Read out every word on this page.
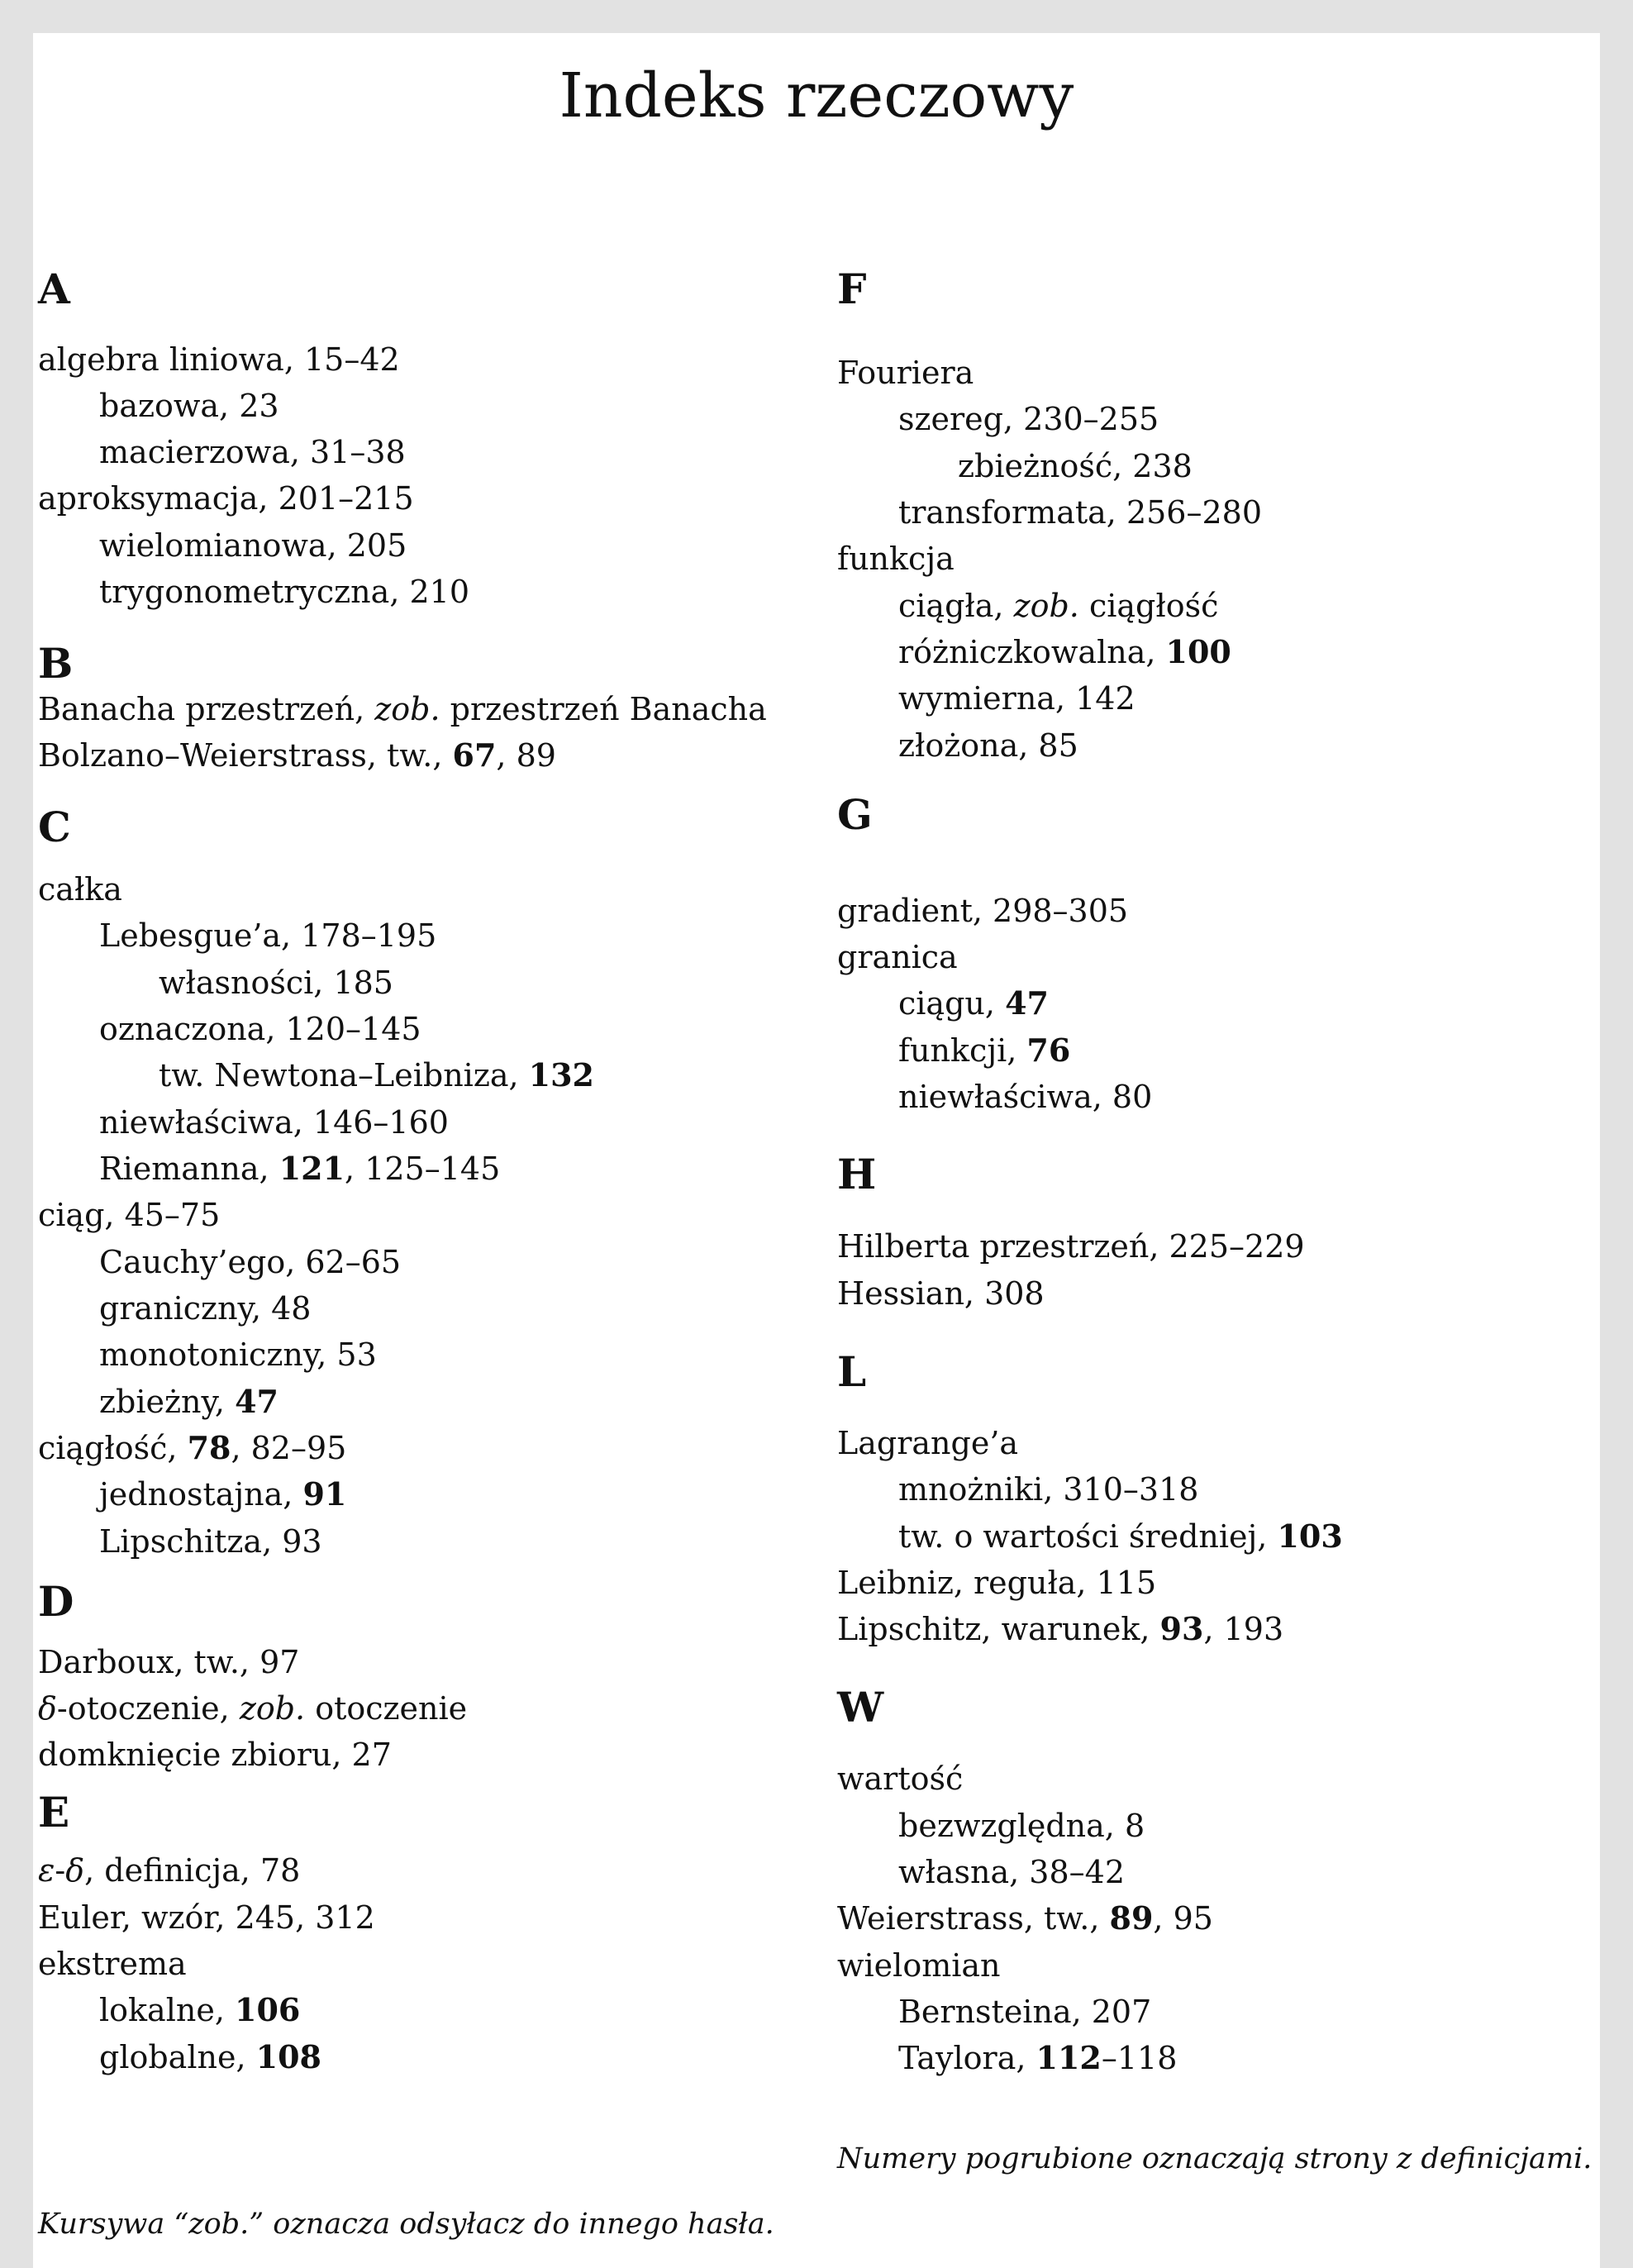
Indeks rzeczowy
A
algebra liniowa, 15–42
bazowa, 23
macierzowa, 31–38
aproksymacja, 201–215
wielomianowa, 205
trygonometryczna, 210
B
Banacha przestrzeń, zob. przestrzeń Banacha
Bolzano–Weierstrass, tw., 67, 89
C
całka
Lebesgue’a, 178–195
własności, 185
oznaczona, 120–145
tw. Newtona–Leibniza, 132
niewłaściwa, 146–160
Riemanna, 121, 125–145
ciąg, 45–75
Cauchy’ego, 62–65
graniczny, 48
monotoniczny, 53
zbieżny, 47
ciągłość, 78, 82–95
jednostajna, 91
Lipschitza, 93
D
Darboux, tw., 97
δ-otoczenie, zob. otoczenie
domknięcie zbioru, 27
E
ε-δ, definicja, 78
Euler, wzór, 245, 312
ekstrema
lokalne, 106
globalne, 108
F
Fouriera
szereg, 230–255
zbieżność, 238
transformata, 256–280
funkcja
ciągła, zob. ciągłość
różniczkowalna, 100
wymierna, 142
złożona, 85
G
gradient, 298–305
granica
ciągu, 47
funkcji, 76
niewłaściwa, 80
H
Hilberta przestrzeń, 225–229
Hessian, 308
L
Lagrange’a
mnożniki, 310–318
tw. o wartości średniej, 103
Leibniz, reguła, 115
Lipschitz, warunek, 93, 193
W
wartość
bezwzględna, 8
własna, 38–42
Weierstrass, tw., 89, 95
wielomian
Bernsteina, 207
Taylora, 112–118
Numery pogrubione oznaczają strony z definicjami.
Kursywa “zob.” oznacza odsyłacz do innego hasła.
